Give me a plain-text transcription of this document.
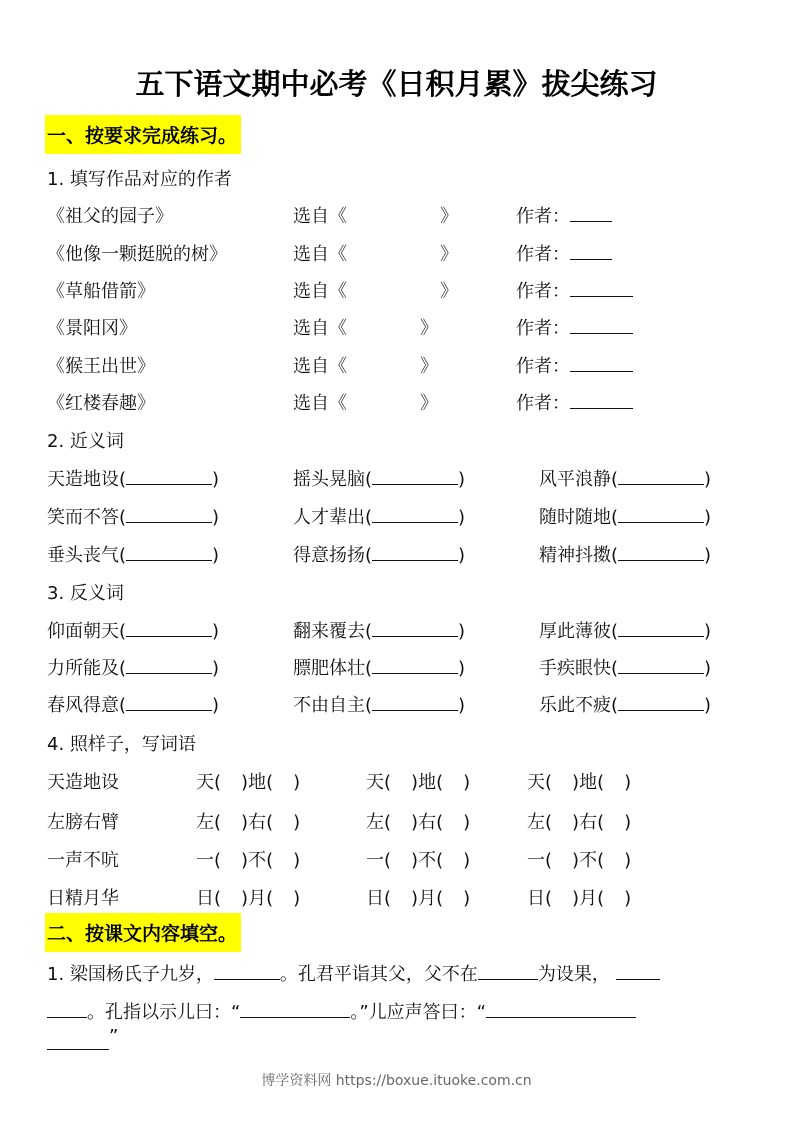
五下语文期中必考《日积月累》拔尖练习
一、按要求完成练习。
1. 填写作品对应的作者
《祖父的园子》	选自《	》	作者：
《他像一颗挺脱的树》	选自《	》	作者：
《草船借箭》	选自《	》	作者：
《景阳冈》	选自《	》	作者：
《猴王出世》	选自《	》	作者：
《红楼春趣》	选自《	》	作者：
2. 近义词
天造地设(	)	摇头晃脑(	)	风平浪静(	)
笑而不答(	)	人才辈出(	)	随时随地(	)
垂头丧气(	)	得意扬扬(	)	精神抖擞(	)
3. 反义词
仰面朝天(	)	翻来覆去(	)	厚此薄彼(	)
力所能及(	)	膘肥体壮(	)	手疾眼快(	)
春风得意(	)	不由自主(	)	乐此不疲(	)
4. 照样子，写词语
天造地设	天( )地( )	天( )地( )	天( )地( )
左膀右臂	左( )右( )	左( )右( )	左( )右( )
一声不吭	一( )不( )	一( )不( )	一( )不( )
日精月华	日( )月( )	日( )月( )	日( )月( )
二、按课文内容填空。
1. 梁国杨氏子九岁，	。孔君平诣其父，父不在	为设果，
。孔指以示儿曰：“	。”儿应声答曰：“
”
博学资料网 https://boxue.ituoke.com.cn
